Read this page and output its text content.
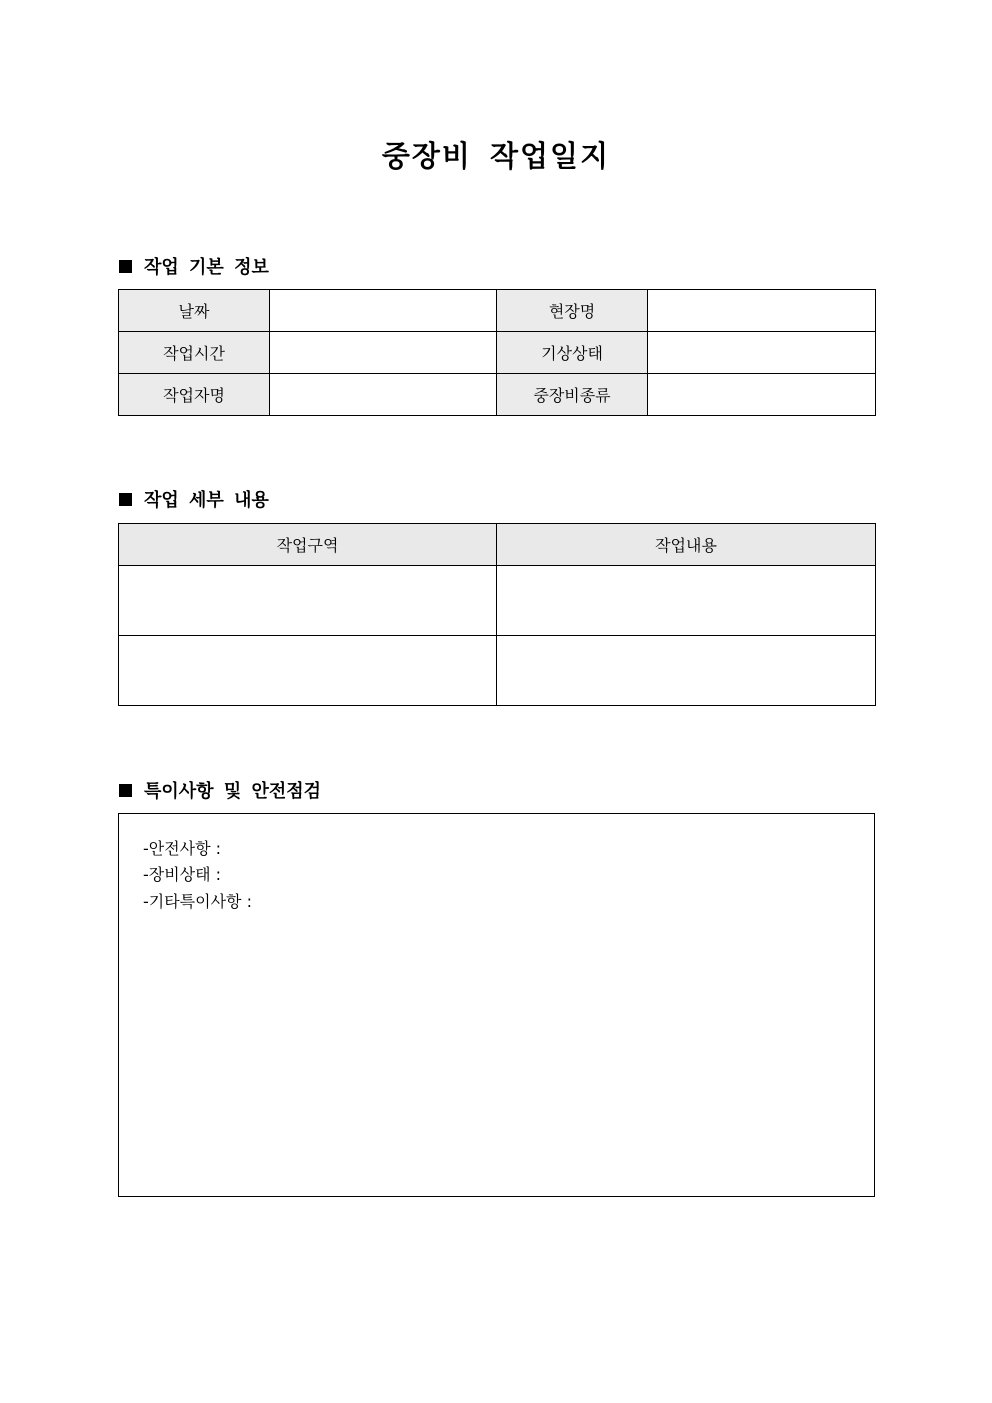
중장비 작업일지
작업 기본 정보
날짜		현장명	
작업시간		기상상태	
작업자명		중장비종류	
작업 세부 내용
작업구역	작업내용

특이사항 및 안전점검
-안전사항 :
-장비상태 :
-기타특이사항 :
